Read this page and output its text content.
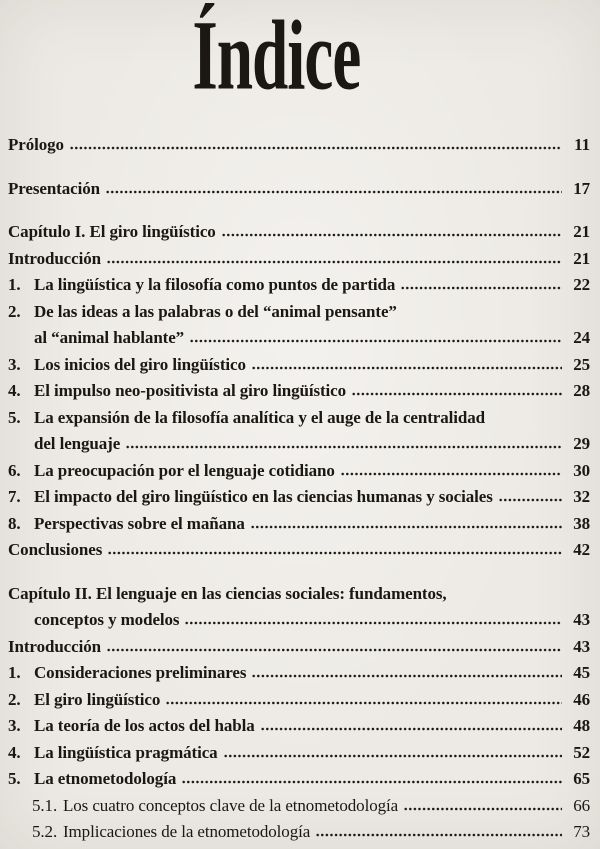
Índice
Prólogo	11
Presentación	17
Capítulo I. El giro lingüístico	21
Introducción	21
1. La lingüística y la filosofía como puntos de partida	22
2. De las ideas a las palabras o del “animal pensante”
al “animal hablante”	24
3. Los inicios del giro lingüístico	25
4. El impulso neo-positivista al giro lingüístico	28
5. La expansión de la filosofía analítica y el auge de la centralidad
del lenguaje	29
6. La preocupación por el lenguaje cotidiano	30
7. El impacto del giro lingüístico en las ciencias humanas y sociales	32
8. Perspectivas sobre el mañana	38
Conclusiones	42
Capítulo II. El lenguaje en las ciencias sociales: fundamentos,
conceptos y modelos	43
Introducción	43
1. Consideraciones preliminares	45
2. El giro lingüístico	46
3. La teoría de los actos del habla	48
4. La lingüística pragmática	52
5. La etnometodología	65
5.1. Los cuatro conceptos clave de la etnometodología	66
5.2. Implicaciones de la etnometodología	73
